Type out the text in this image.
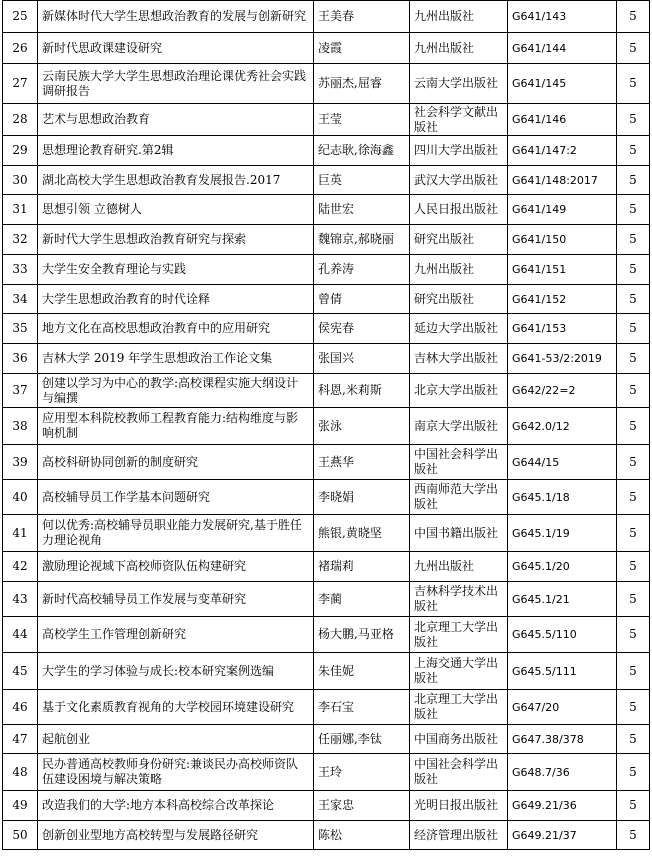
25	新媒体时代大学生思想政治教育的发展与创新研究	王美春	九州出版社	G641/143	5
26	新时代思政课建设研究	凌霞	九州出版社	G641/144	5
27	云南民族大学大学生思想政治理论课优秀社会实践调研报告	苏丽杰,屈睿	云南大学出版社	G641/145	5
28	艺术与思想政治教育	王莹	社会科学文献出版社	G641/146	5
29	思想理论教育研究.第2辑	纪志耿,徐海鑫	四川大学出版社	G641/147:2	5
30	湖北高校大学生思想政治教育发展报告.2017	巨英	武汉大学出版社	G641/148:2017	5
31	思想引领 立德树人	陆世宏	人民日报出版社	G641/149	5
32	新时代大学生思想政治教育研究与探索	魏锦京,郝晓丽	研究出版社	G641/150	5
33	大学生安全教育理论与实践	孔养涛	九州出版社	G641/151	5
34	大学生思想政治教育的时代诠释	曾倩	研究出版社	G641/152	5
35	地方文化在高校思想政治教育中的应用研究	侯宪春	延边大学出版社	G641/153	5
36	吉林大学 2019 年学生思想政治工作论文集	张国兴	吉林大学出版社	G641-53/2:2019	5
37	创建以学习为中心的教学:高校课程实施大纲设计与编撰	科恩,米莉斯	北京大学出版社	G642/22=2	5
38	应用型本科院校教师工程教育能力:结构维度与影响机制	张泳	南京大学出版社	G642.0/12	5
39	高校科研协同创新的制度研究	王燕华	中国社会科学出版社	G644/15	5
40	高校辅导员工作学基本问题研究	李晓娟	西南师范大学出版社	G645.1/18	5
41	何以优秀:高校辅导员职业能力发展研究,基于胜任力理论视角	熊银,黄晓坚	中国书籍出版社	G645.1/19	5
42	激励理论视域下高校师资队伍构建研究	褚瑞莉	九州出版社	G645.1/20	5
43	新时代高校辅导员工作发展与变革研究	李蔺	吉林科学技术出版社	G645.1/21	5
44	高校学生工作管理创新研究	杨大鹏,马亚格	北京理工大学出版社	G645.5/110	5
45	大学生的学习体验与成长:校本研究案例选编	朱佳妮	上海交通大学出版社	G645.5/111	5
46	基于文化素质教育视角的大学校园环境建设研究	李石宝	北京理工大学出版社	G647/20	5
47	起航创业	任丽娜,李钛	中国商务出版社	G647.38/378	5
48	民办普通高校教师身份研究:兼谈民办高校师资队伍建设困境与解决策略	王玲	中国社会科学出版社	G648.7/36	5
49	改造我们的大学:地方本科高校综合改革探论	王家忠	光明日报出版社	G649.21/36	5
50	创新创业型地方高校转型与发展路径研究	陈松	经济管理出版社	G649.21/37	5
